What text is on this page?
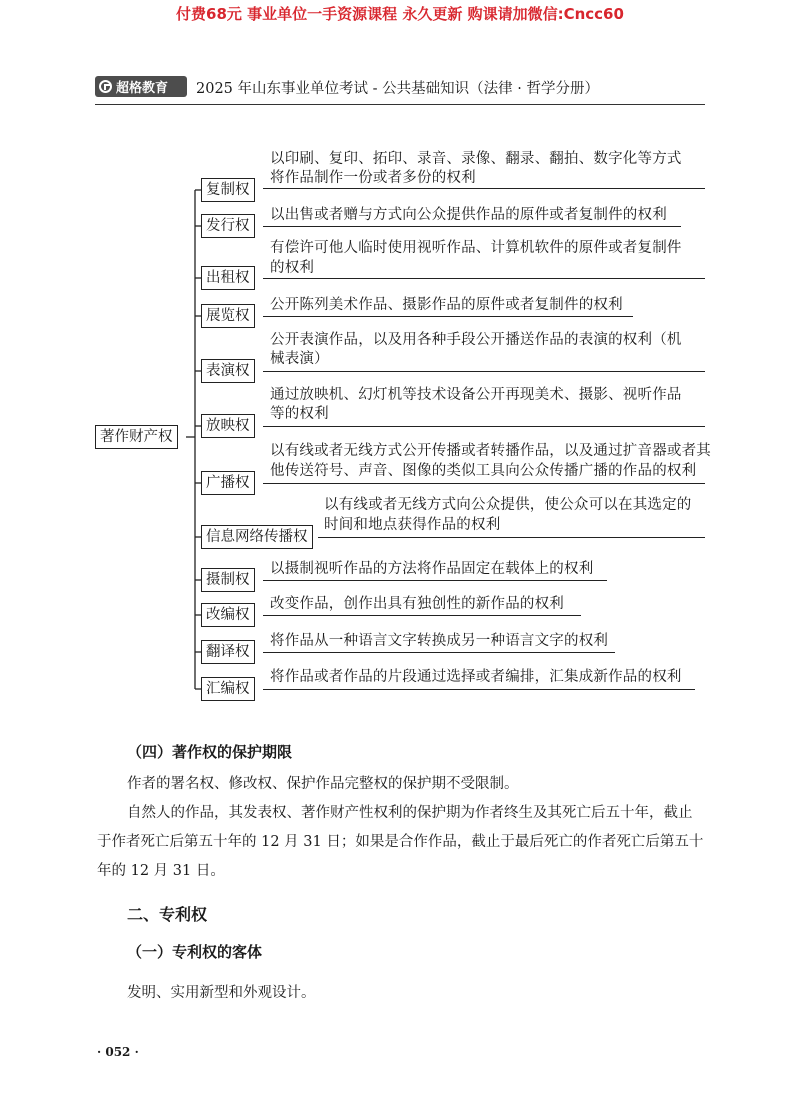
付费68元 事业单位一手资源课程 永久更新 购课请加微信:Cncc60
超格教育 2025 年山东事业单位考试 - 公共基础知识（法律 · 哲学分册）
著作财产权
复制权
以印刷、复印、拓印、录音、录像、翻录、翻拍、数字化等方式
将作品制作一份或者多份的权利
发行权
以出售或者赠与方式向公众提供作品的原件或者复制件的权利
出租权
有偿许可他人临时使用视听作品、计算机软件的原件或者复制件
的权利
展览权
公开陈列美术作品、摄影作品的原件或者复制件的权利
表演权
公开表演作品，以及用各种手段公开播送作品的表演的权利（机
械表演）
放映权
通过放映机、幻灯机等技术设备公开再现美术、摄影、视听作品
等的权利
广播权
以有线或者无线方式公开传播或者转播作品，以及通过扩音器或者其
他传送符号、声音、图像的类似工具向公众传播广播的作品的权利
信息网络传播权
以有线或者无线方式向公众提供，使公众可以在其选定的
时间和地点获得作品的权利
摄制权
以摄制视听作品的方法将作品固定在载体上的权利
改编权
改变作品，创作出具有独创性的新作品的权利
翻译权
将作品从一种语言文字转换成另一种语言文字的权利
汇编权
将作品或者作品的片段通过选择或者编排，汇集成新作品的权利
（四）著作权的保护期限
作者的署名权、修改权、保护作品完整权的保护期不受限制。
自然人的作品，其发表权、著作财产性权利的保护期为作者终生及其死亡后五十年，截止
于作者死亡后第五十年的 12 月 31 日；如果是合作作品，截止于最后死亡的作者死亡后第五十
年的 12 月 31 日。
二、专利权
（一）专利权的客体
发明、实用新型和外观设计。
· 052 ·
